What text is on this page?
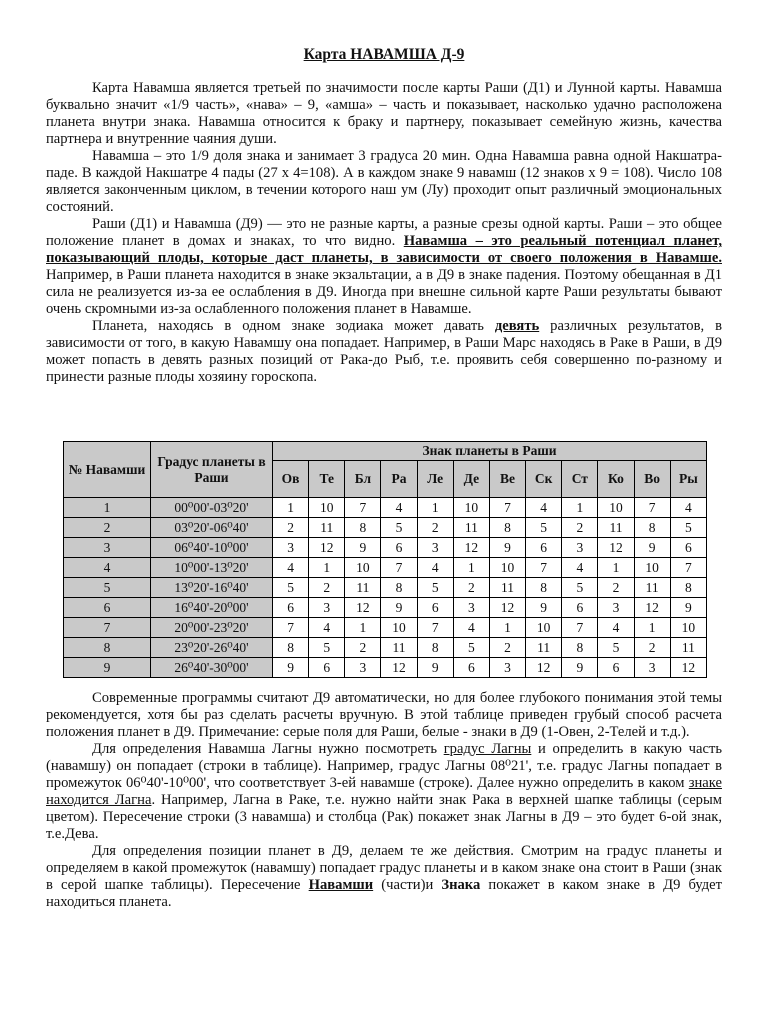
Карта НАВАМША Д-9

Карта Навамша является третьей по значимости после карты Раши (Д1) и Лунной карты. Навамша буквально значит «1/9 часть», «нава» – 9, «амша» – часть и показывает, насколько удачно расположена планета внутри знака. Навамша относится к браку и партнеру, показывает семейную жизнь, качества партнера и внутренние чаяния души.

Навамша – это 1/9 доля знака и занимает 3 градуса 20 мин. Одна Навамша равна одной Накшатра-паде. В каждой Накшатре 4 пады (27 х 4=108). А в каждом знаке 9 навамш (12 знаков х 9 = 108). Число 108 является законченным циклом, в течении которого наш ум (Лу) проходит опыт различный эмоциональных состояний.

Раши (Д1) и Навамша (Д9) — это не разные карты, а разные срезы одной карты. Раши – это общее положение планет в домах и знаках, то что видно. Навамша – это реальный потенциал планет, показывающий плоды, которые даст планеты, в зависимости от своего положения в Навамше. Например, в Раши планета находится в знаке экзальтации, а в Д9 в знаке падения. Поэтому обещанная в Д1 сила не реализуется из-за ее ослабления в Д9. Иногда при внешне сильной карте Раши результаты бывают очень скромными из-за ослабленного положения планет в Навамше.

Планета, находясь в одном знаке зодиака может давать девять различных результатов, в зависимости от того, в какую Навамшу она попадает. Например, в Раши Марс находясь в Раке в Раши, в Д9 может попасть в девять разных позиций от Рака-до Рыб, т.е. проявить себя совершенно по-разному и принести разные плоды хозяину гороскопа.

№ Навамши	Градус планеты в Раши	Знак планеты в Раши											
		Ов	Те	Бл	Ра	Ле	Де	Ве	Ск	Ст	Ко	Во	Ры
1	00⁰00'-03⁰20'	1	10	7	4	1	10	7	4	1	10	7	4
2	03⁰20'-06⁰40'	2	11	8	5	2	11	8	5	2	11	8	5
3	06⁰40'-10⁰00'	3	12	9	6	3	12	9	6	3	12	9	6
4	10⁰00'-13⁰20'	4	1	10	7	4	1	10	7	4	1	10	7
5	13⁰20'-16⁰40'	5	2	11	8	5	2	11	8	5	2	11	8
6	16⁰40'-20⁰00'	6	3	12	9	6	3	12	9	6	3	12	9
7	20⁰00'-23⁰20'	7	4	1	10	7	4	1	10	7	4	1	10
8	23⁰20'-26⁰40'	8	5	2	11	8	5	2	11	8	5	2	11
9	26⁰40'-30⁰00'	9	6	3	12	9	6	3	12	9	6	3	12

Современные программы считают Д9 автоматически, но для более глубокого понимания этой темы рекомендуется, хотя бы раз сделать расчеты вручную. В этой таблице приведен грубый способ расчета положения планет в Д9. Примечание: серые поля для Раши, белые - знаки в Д9 (1-Овен, 2-Телей и т.д.).

Для определения Навамша Лагны нужно посмотреть градус Лагны и определить в какую часть (навамшу) он попадает (строки в таблице). Например, градус Лагны 08⁰21', т.е. градус Лагны попадает в промежуток 06⁰40'-10⁰00', что соответствует 3-ей навамше (строке). Далее нужно определить в каком знаке находится Лагна. Например, Лагна в Раке, т.е. нужно найти знак Рака в верхней шапке таблицы (серым цветом). Пересечение строки (3 навамша) и столбца (Рак) покажет знак Лагны в Д9 – это будет 6-ой знак, т.е.Дева.

Для определения позиции планет в Д9, делаем те же действия. Смотрим на градус планеты и определяем в какой промежуток (навамшу) попадает градус планеты и в каком знаке она стоит в Раши (знак в серой шапке таблицы). Пересечение Навамши (части)и Знака покажет в каком знаке в Д9 будет находиться планета.
